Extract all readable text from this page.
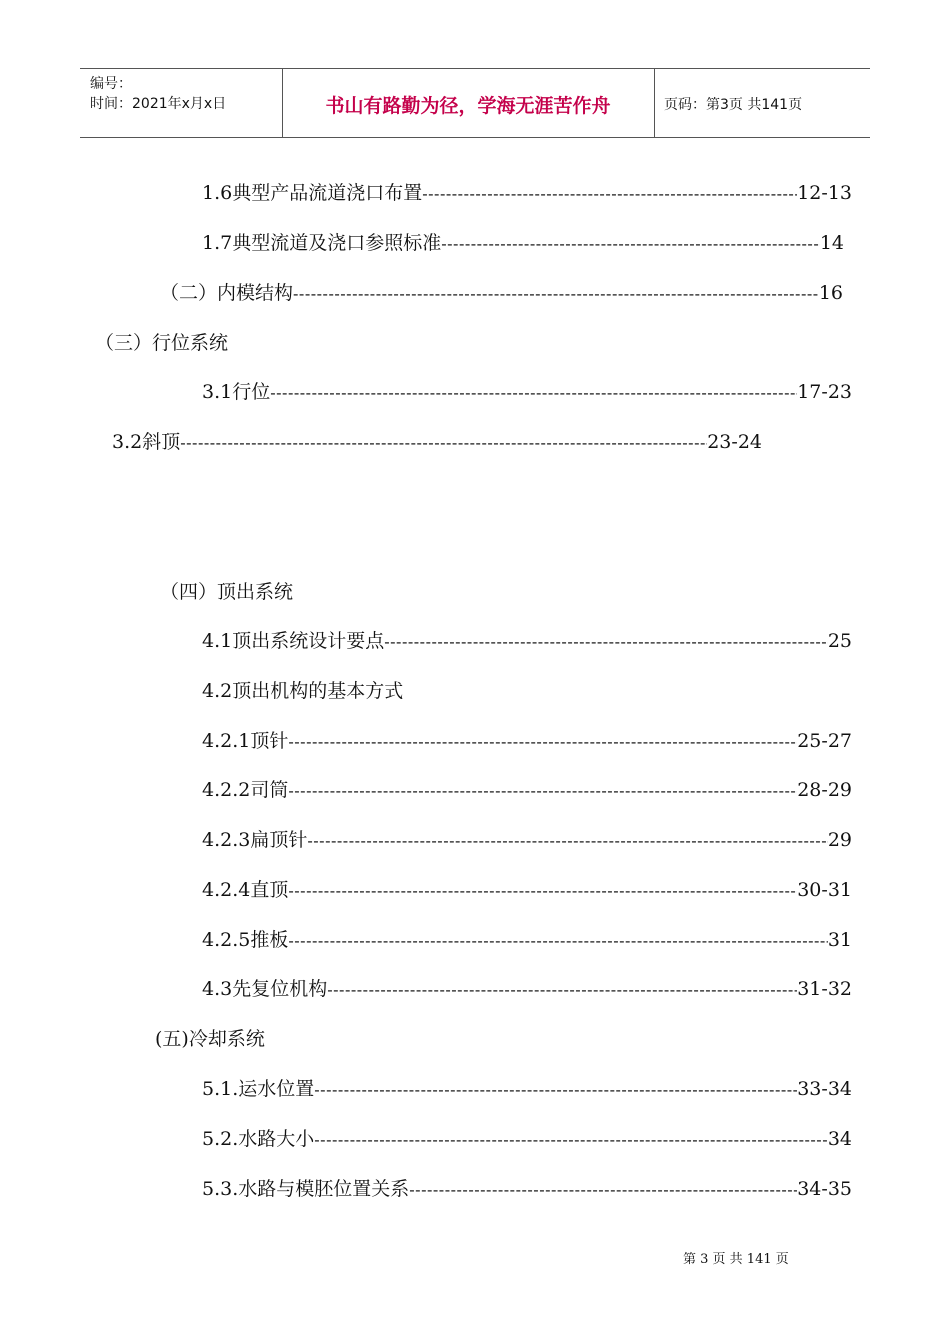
编号：
时间：2021年x月x日	书山有路勤为径，学海无涯苦作舟	页码：第3页 共141页
1.6典型产品流道浇口布置 -----	12-13
1.7典型流道及浇口参照标准 -----	14
（二）内模结构 -----	16
（三）行位系统
3.1行位 -----	17-23
3.2斜顶 -----	23-24
（四）顶出系统
4.1顶出系统设计要点 -----	25
4.2顶出机构的基本方式
4.2.1顶针 -----	25-27
4.2.2司筒 -----	28-29
4.2.3扁顶针 -----	29
4.2.4直顶 -----	30-31
4.2.5推板 -----	31
4.3先复位机构 -----	31-32
(五)冷却系统
5.1.运水位置 -----	33-34
5.2.水路大小 -----	34
5.3.水路与模胚位置关系 -----	34-35
第 3 页 共 141 页
